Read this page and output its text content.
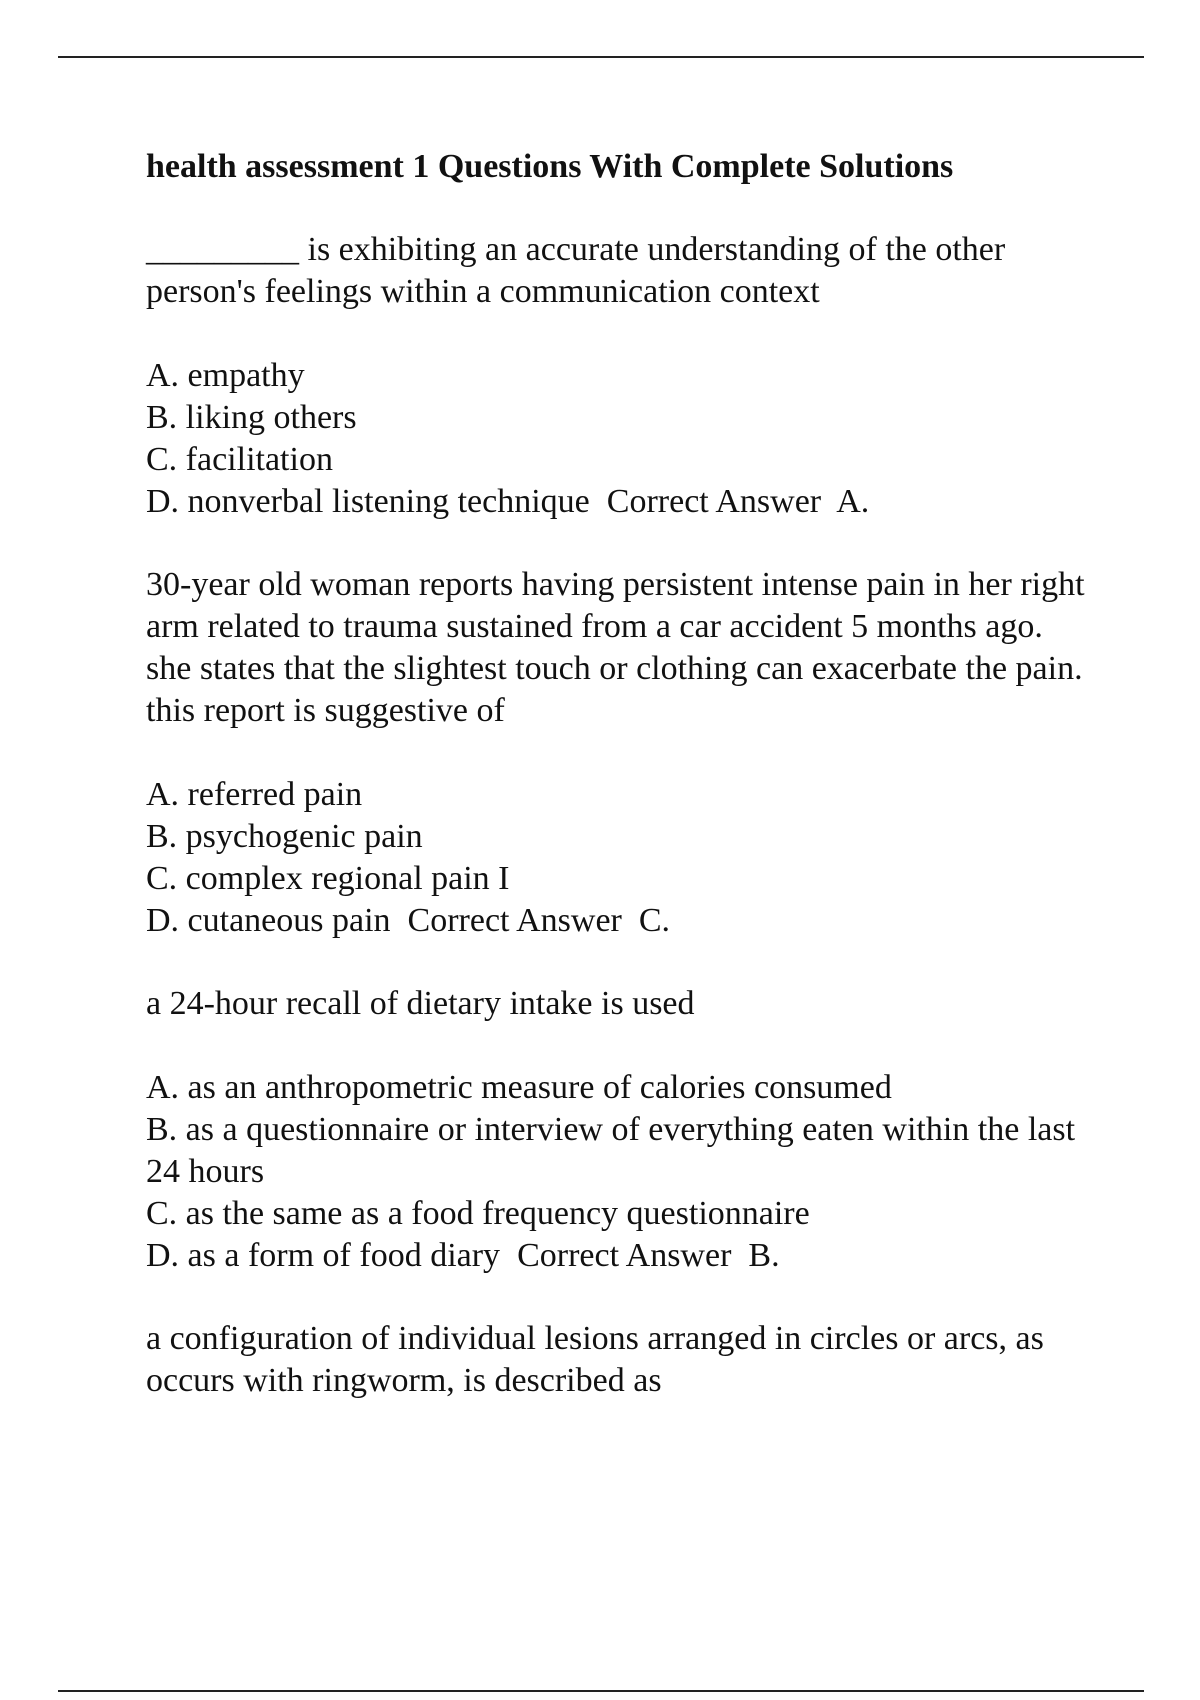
health assessment 1 Questions With Complete Solutions
_________ is exhibiting an accurate understanding of the other person's feelings within a communication context
A. empathy
B. liking others
C. facilitation
D. nonverbal listening technique Correct Answer  A.
30-year old woman reports having persistent intense pain in her right arm related to trauma sustained from a car accident 5 months ago. she states that the slightest touch or clothing can exacerbate the pain. this report is suggestive of
A. referred pain
B. psychogenic pain
C. complex regional pain I
D. cutaneous pain Correct Answer  C.
a 24-hour recall of dietary intake is used
A. as an anthropometric measure of calories consumed
B. as a questionnaire or interview of everything eaten within the last 24 hours
C. as the same as a food frequency questionnaire
D. as a form of food diary Correct Answer  B.
a configuration of individual lesions arranged in circles or arcs, as occurs with ringworm, is described as
